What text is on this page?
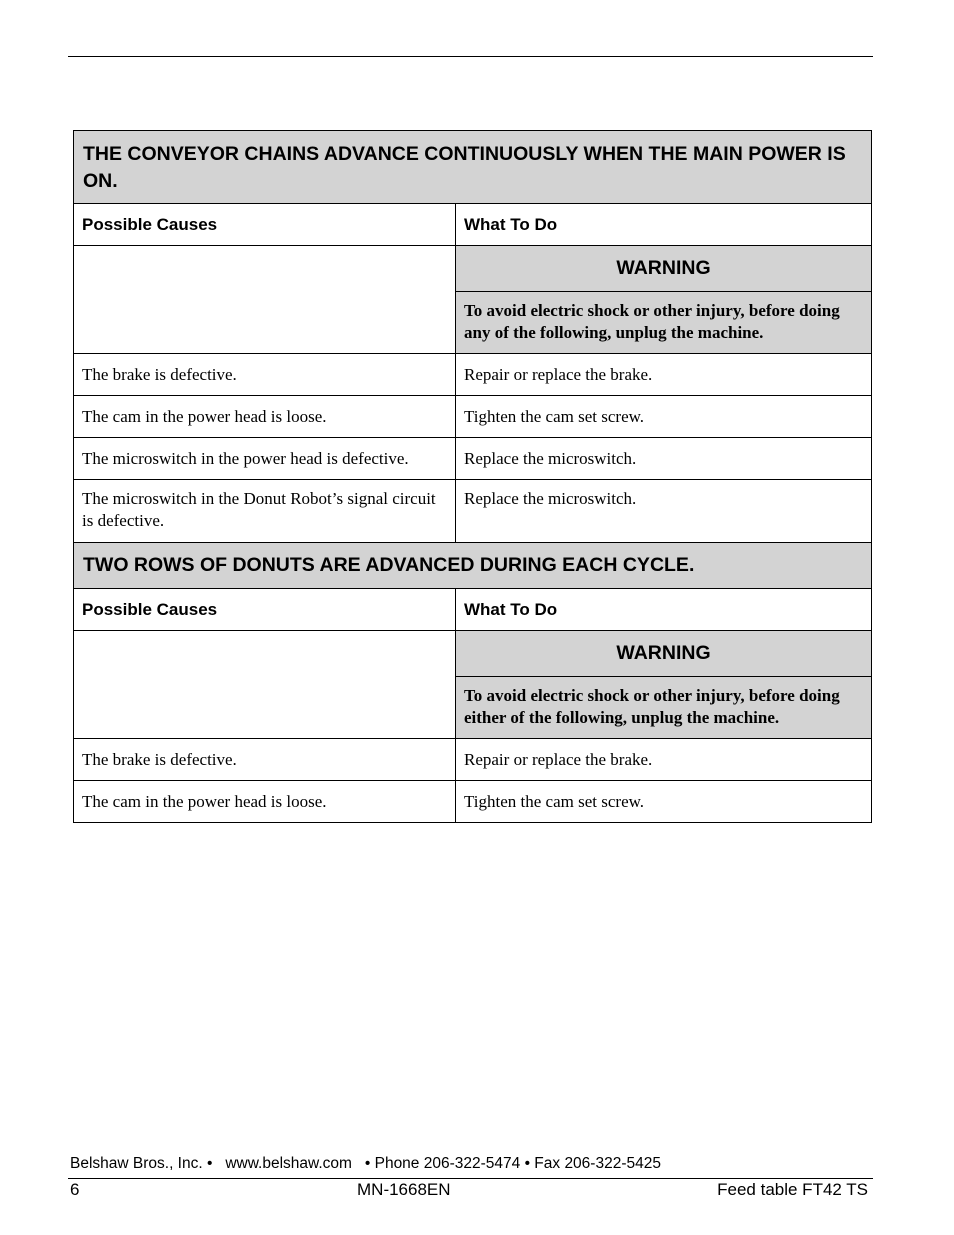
THE CONVEYOR CHAINS ADVANCE CONTINUOUSLY WHEN THE MAIN POWER IS ON.	
Possible Causes	What To Do

	WARNING
To avoid electric shock or other injury, before doing any of the following, unplug the machine.

The brake is defective.	Repair or replace the brake.
The cam in the power head is loose.	Tighten the cam set screw.
The microswitch in the power head is defective.	Replace the microswitch.
The microswitch in the Donut Robot’s signal circuit is defective.	Replace the microswitch.
TWO ROWS OF DONUTS ARE ADVANCED DURING EACH CYCLE.	
Possible Causes	What To Do

	WARNING
To avoid electric shock or other injury, before doing either of the following, unplug the machine.

The brake is defective.	Repair or replace the brake.
The cam in the power head is loose.	Tighten the cam set screw.
Belshaw Bros., Inc. •   www.belshaw.com   • Phone 206-322-5474 • Fax 206-322-5425
6	MN-1668EN	Feed table FT42 TS
